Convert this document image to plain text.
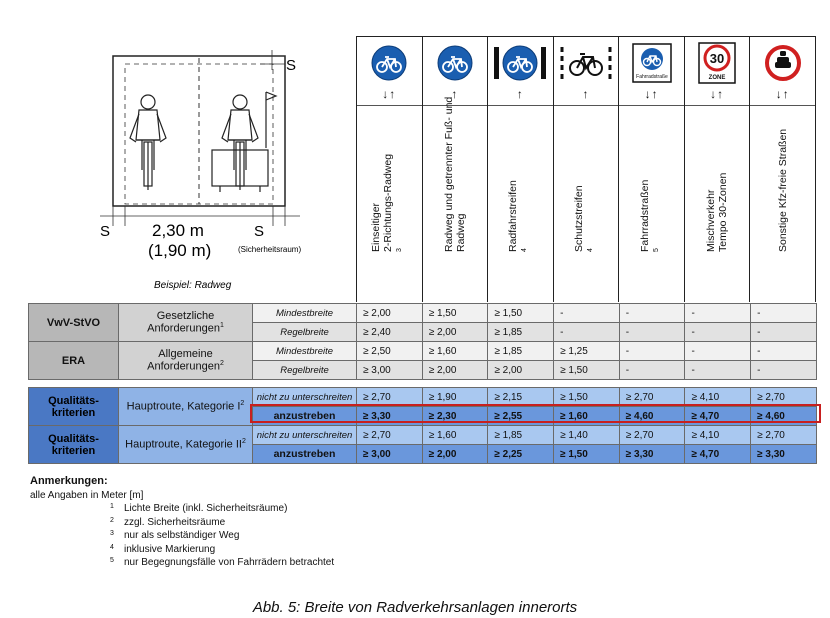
S
S	S
2,30 m
(1,90 m)	(Sicherheitsraum)
Beispiel: Radweg
↓↑
Einseitiger 2-Richtungs-Radweg $^3$
↑
Radweg und getrennter Fuß- und Radweg
↑
Radfahrstreifen $^4$
↑
Schutzstreifen $^4$
Fahrradstraße
↓↑
Fahrradstraßen $^5$
30
ZONE
↓↑
Mischverkehr Tempo 30-Zonen
↓↑
Sonstige Kfz-freie Straßen
VwV-StVO	Gesetzliche
Anforderungen$^1$	Mindestbreite	≥ 2,00	≥ 1,50	≥ 1,50	-	-	-	-
		Regelbreite	≥ 2,40	≥ 2,00	≥ 1,85	-	-	-	-
ERA	Allgemeine
Anforderungen$^2$	Mindestbreite	≥ 2,50	≥ 1,60	≥ 1,85	≥ 1,25	-	-	-
		Regelbreite	≥ 3,00	≥ 2,00	≥ 2,00	≥ 1,50	-	-	-

Qualitäts-
kriterien	Hauptroute, Kategorie $I^2$	nicht zu unterschreiten	≥ 2,70	≥ 1,90	≥ 2,15	≥ 1,50	≥ 2,70	≥ 4,10	≥ 2,70
		anzustreben	≥ 3,30	≥ 2,30	≥ 2,55	≥ 1,60	≥ 4,60	≥ 4,70	≥ 4,60
Qualitäts-
kriterien	Hauptroute, Kategorie $II^2$	nicht zu unterschreiten	≥ 2,70	≥ 1,60	≥ 1,85	≥ 1,40	≥ 2,70	≥ 4,10	≥ 2,70
		anzustreben	≥ 3,00	≥ 2,00	≥ 2,25	≥ 1,50	≥ 3,30	≥ 4,70	≥ 3,30
Anmerkungen:
alle Angaben in Meter [m]
1	Lichte Breite (inkl. Sicherheitsräume)
2	zzgl. Sicherheitsräume
3	nur als selbständiger Weg
4	inklusive Markierung
5	nur Begegnungsfälle von Fahrrädern betrachtet
Abb. 5: Breite von Radverkehrsanlagen innerorts
